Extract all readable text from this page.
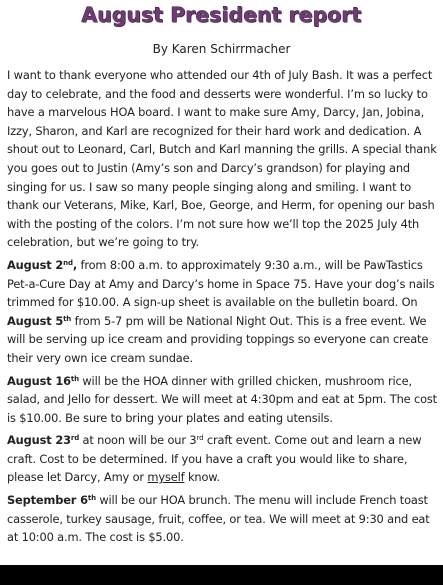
August President report
By Karen Schirrmacher

I want to thank everyone who attended our 4th of July Bash. It was a perfect day to celebrate, and the food and desserts were wonderful. I’m so lucky to have a marvelous HOA board. I want to make sure Amy, Darcy, Jan, Jobina, Izzy, Sharon, and Karl are recognized for their hard work and dedication. A shout out to Leonard, Carl, Butch and Karl manning the grills. A special thank you goes out to Justin (Amy’s son and Darcy’s grandson) for playing and singing for us. I saw so many people singing along and smiling. I want to thank our Veterans, Mike, Karl, Boe, George, and Herm, for opening our bash with the posting of the colors. I’m not sure how we’ll top the 2025 July 4th celebration, but we’re going to try.

August 2nd, from 8:00 a.m. to approximately 9:30 a.m., will be PawTastics Pet-a-Cure Day at Amy and Darcy’s home in Space 75. Have your dog’s nails trimmed for $10.00. A sign-up sheet is available on the bulletin board. On August 5th from 5-7 pm will be National Night Out. This is a free event. We will be serving up ice cream and providing toppings so everyone can create their very own ice cream sundae.

August 16th will be the HOA dinner with grilled chicken, mushroom rice, salad, and Jello for dessert. We will meet at 4:30pm and eat at 5pm. The cost is $10.00. Be sure to bring your plates and eating utensils.

August 23rd at noon will be our 3rd craft event. Come out and learn a new craft. Cost to be determined. If you have a craft you would like to share, please let Darcy, Amy or myself know.

September 6th will be our HOA brunch. The menu will include French toast casserole, turkey sausage, fruit, coffee, or tea. We will meet at 9:30 and eat at 10:00 a.m. The cost is $5.00.
